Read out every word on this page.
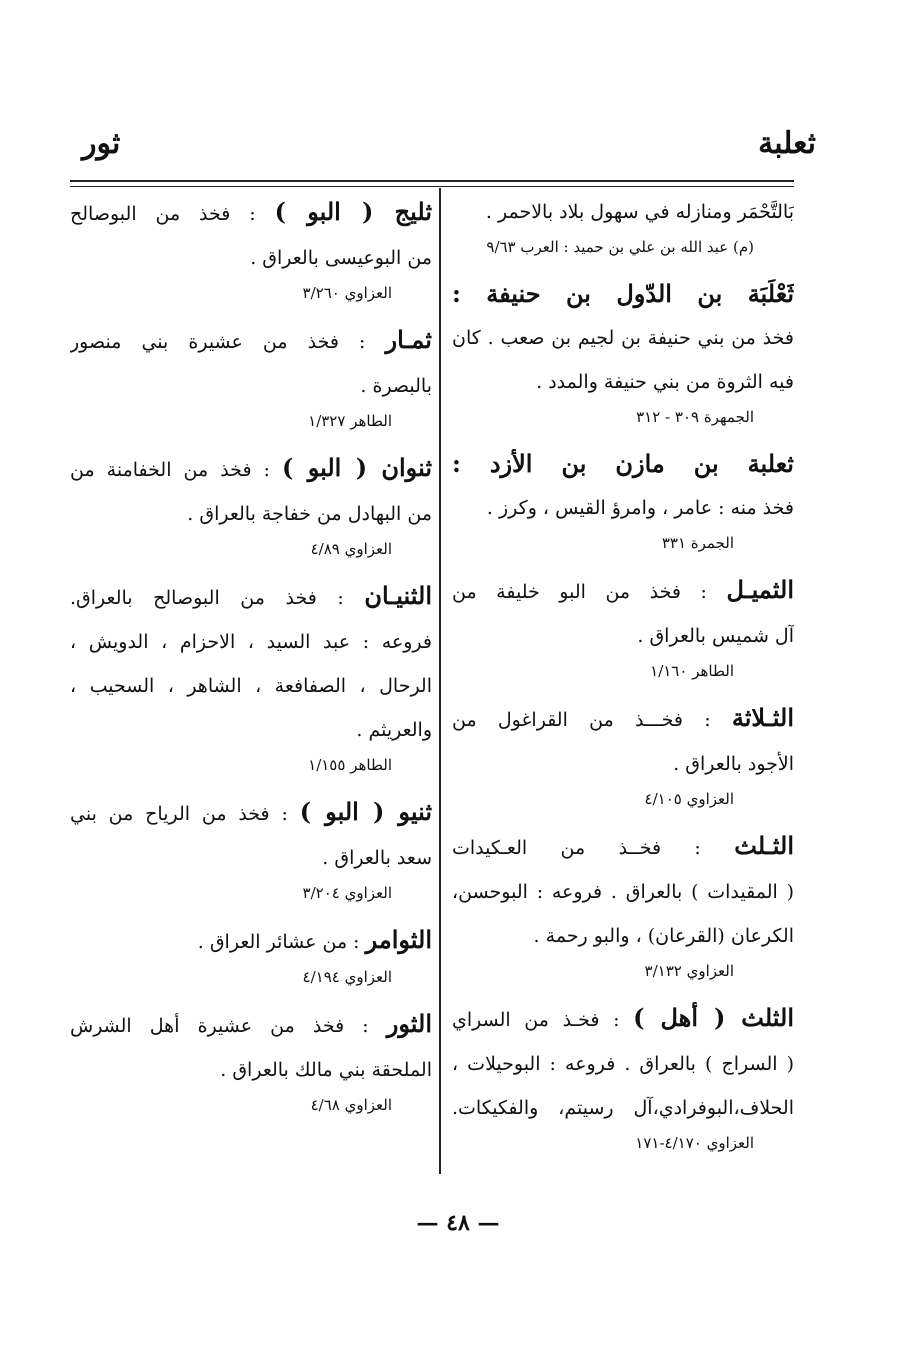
ثعلبة
ثور
بَالتَّحْمَر ومنازله في سهول بلاد بالاحمر .
(م) عبد الله بن علي بن حميد : العرب ٩/٦٣
ثَعْلَبَة بن الدّول بن حنيفة :
فخذ من بني حنيفة بن لجيم بن صعب . كان
فيه الثروة من بني حنيفة والمدد .
الجمهرة ٣٠٩ - ٣١٢
ثعلبة بن مازن بن الأزد :
فخذ منه : عامر ، وامرؤ القيس ، وكرز .
الجمرة ٣٣١
الثميـل : فخذ من البو خليفة من
آل شميس بالعراق .
الطاهر ١/١٦٠
الثـلاثة : فخـــذ من القراغول من
الأجود بالعراق .
العزاوي ٤/١٠٥
الثـلث : فخــذ من العـكيدات
( المقيدات ) بالعراق . فروعه : البوحسن،
الكرعان (القرعان) ، والبو رحمة .
العزاوي ٣/١٣٢
الثلث ( أهل ) : فخـذ من السراي
( السراج ) بالعراق . فروعه : البوحيلات ،
الحلاف،البوفرادي،آل رسيتم، والفكيكات.
العزاوي ٤/١٧٠-١٧١
ثليج ( البو ) : فخذ من البوصالح
من البوعيسى بالعراق .
العزاوي ٣/٢٦٠
ثمـار : فخذ من عشيرة بني منصور
بالبصرة .
الطاهر ١/٣٢٧
ثنوان ( البو ) : فخذ من الخفامنة من
من البهادل من خفاجة بالعراق .
العزاوي ٤/٨٩
الثنيـان : فخذ من البوصالح بالعراق.
فروعه : عبد السيد ، الاحزام ، الدويش ،
الرحال ، الصفافعة ، الشاهر ، السحيب ،
والعريثم .
الطاهر ١/١٥٥
ثنيو ( البو ) : فخذ من الرياح من بني
سعد بالعراق .
العزاوي ٣/٢٠٤
الثوامر : من عشائر العراق .
العزاوي ٤/١٩٤
الثور : فخذ من عشيرة أهل الشرش
الملحقة بني مالك بالعراق .
العزاوي ٤/٦٨
— ٤٨ —
